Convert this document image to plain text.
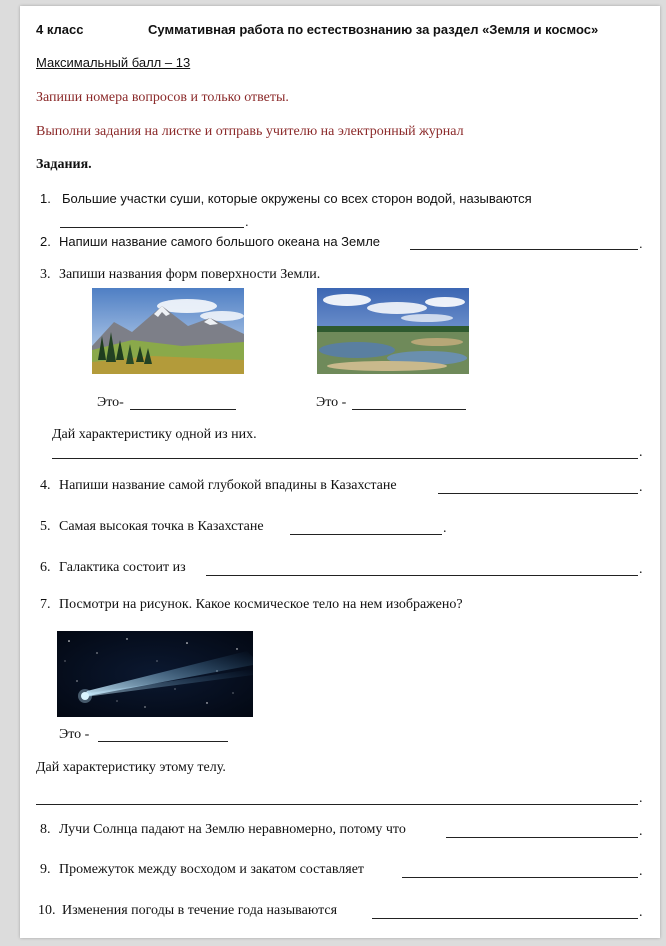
4 класс	Суммативная работа по естествознанию за раздел «Земля и космос»
Максимальный балл – 13
Запиши номера вопросов и только ответы.
Выполни задания на листке и отправь учителю на электронный журнал
Задания.
1. Большие участки суши, которые окружены со всех сторон водой, называются
.
2. Напиши название самого большого океана на Земле	.
3. Запиши названия форм поверхности Земли.
Это-	Это -
Дай характеристику одной из них.
.
4. Напиши название самой глубокой впадины в Казахстане	.
5. Самая высокая точка в Казахстане	.
6. Галактика состоит из	.
7. Посмотри на рисунок. Какое космическое тело на нем изображено?
Это -
Дай характеристику этому телу.
.
8. Лучи Солнца падают на Землю неравномерно, потому что	.
9. Промежуток между восходом и закатом составляет	.
10. Изменения погоды в течение года называются	.
